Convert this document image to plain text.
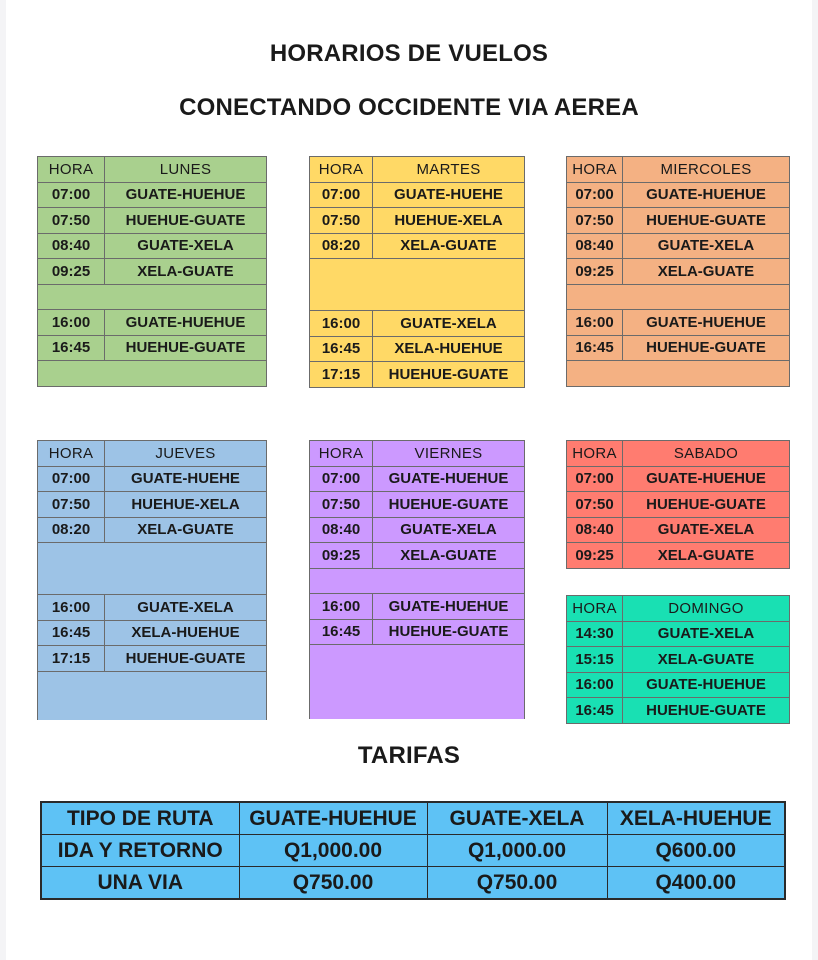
HORARIOS DE VUELOS
CONECTANDO OCCIDENTE VIA AEREA
HORA	LUNES
07:00	GUATE-HUEHUE
07:50	HUEHUE-GUATE
08:40	GUATE-XELA
09:25	XELA-GUATE

16:00	GUATE-HUEHUE
16:45	HUEHUE-GUATE

HORA	MARTES
07:00	GUATE-HUEHE
07:50	HUEHUE-XELA
08:20	XELA-GUATE

16:00	GUATE-XELA
16:45	XELA-HUEHUE
17:15	HUEHUE-GUATE
HORA	MIERCOLES
07:00	GUATE-HUEHUE
07:50	HUEHUE-GUATE
08:40	GUATE-XELA
09:25	XELA-GUATE

16:00	GUATE-HUEHUE
16:45	HUEHUE-GUATE

HORA	JUEVES
07:00	GUATE-HUEHE
07:50	HUEHUE-XELA
08:20	XELA-GUATE

16:00	GUATE-XELA
16:45	XELA-HUEHUE
17:15	HUEHUE-GUATE

HORA	VIERNES
07:00	GUATE-HUEHUE
07:50	HUEHUE-GUATE
08:40	GUATE-XELA
09:25	XELA-GUATE

16:00	GUATE-HUEHUE
16:45	HUEHUE-GUATE

HORA	SABADO
07:00	GUATE-HUEHUE
07:50	HUEHUE-GUATE
08:40	GUATE-XELA
09:25	XELA-GUATE
HORA	DOMINGO
14:30	GUATE-XELA
15:15	XELA-GUATE
16:00	GUATE-HUEHUE
16:45	HUEHUE-GUATE
TARIFAS
TIPO DE RUTA	GUATE-HUEHUE	GUATE-XELA	XELA-HUEHUE
IDA Y RETORNO	Q1,000.00	Q1,000.00	Q600.00
UNA VIA	Q750.00	Q750.00	Q400.00
